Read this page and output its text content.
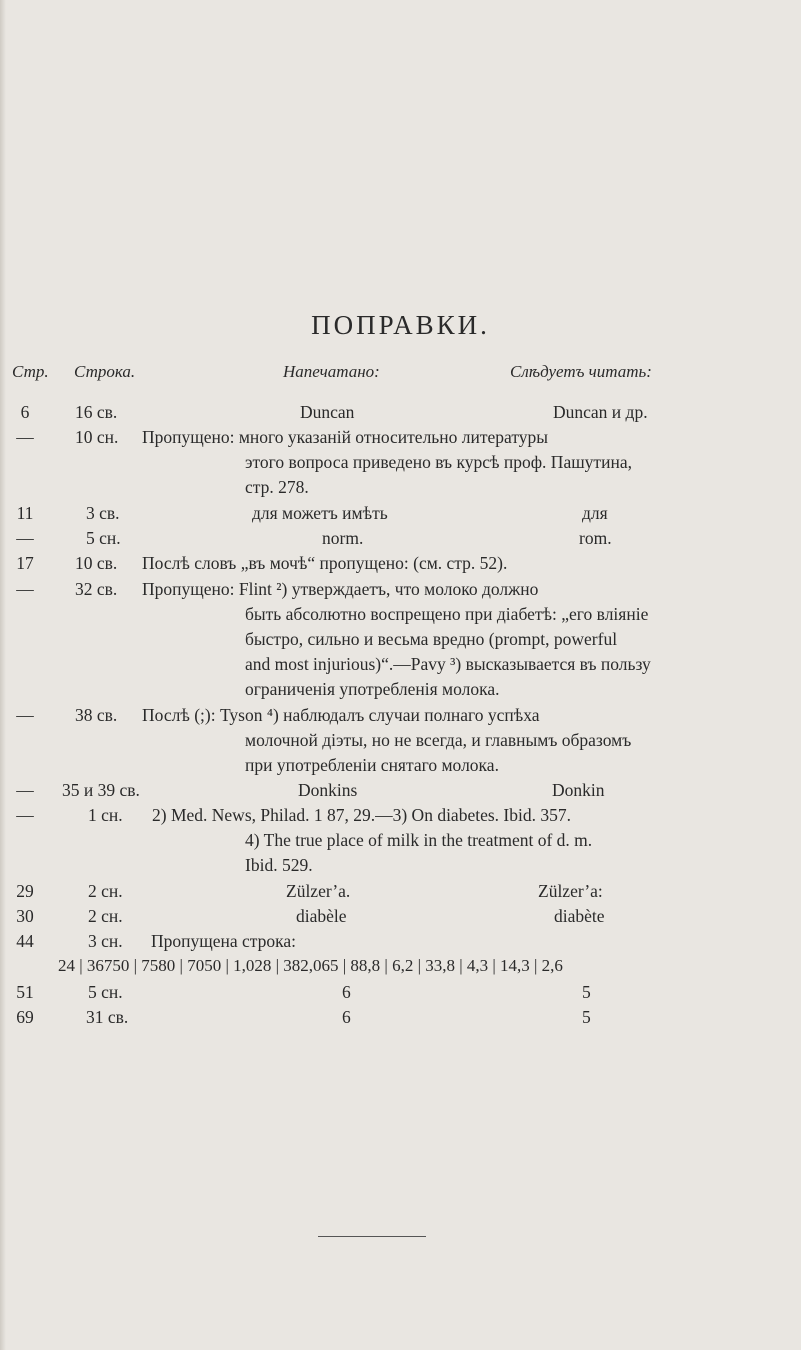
ПОПРАВКИ.
Стр. Строка.	Напечатано:	Слѣдуетъ читать:
6	16 св.	Duncan	Duncan и др.
—	10 сн.	Пропущено: много указаній относительно литературы
этого вопроса приведено въ курсѣ проф. Пашутина,
стр. 278.
11	3 св.	для можетъ имѣть	для
—	5 сн.	norm.	rom.
17	10 св.	Послѣ словъ „въ мочѣ“ пропущено: (см. стр. 52).
—	32 св.	Пропущено: Flint ²) утверждаетъ, что молоко должно
быть абсолютно воспрещено при діабетѣ: „его вліяніе
быстро, сильно и весьма вредно (prompt, powerful
and most injurious)“.—Pavy ³) высказывается въ пользу
ограниченія употребленія молока.
—	38 св.	Послѣ (;): Tyson ⁴) наблюдалъ случаи полнаго успѣха
молочной діэты, но не всегда, и главнымъ образомъ
при употребленіи снятаго молока.
—	35 и 39 св.	Donkins	Donkin
—	1 сн.	2) Med. News, Philad. 1 87, 29.—3) On diabetes. Ibid. 357.
4) The true place of milk in the treatment of d. m.
Ibid. 529.
29	2 сн.	Zülzer’a.	Zülzer’a:
30	2 сн.	diabèle	diabète
44	3 сн.	Пропущена строка:
24 | 36750 | 7580 | 7050 | 1,028 | 382,065 | 88,8 | 6,2 | 33,8 | 4,3 | 14,3 | 2,6
51	5 сн.	6	5
69	31 св.	6	5
